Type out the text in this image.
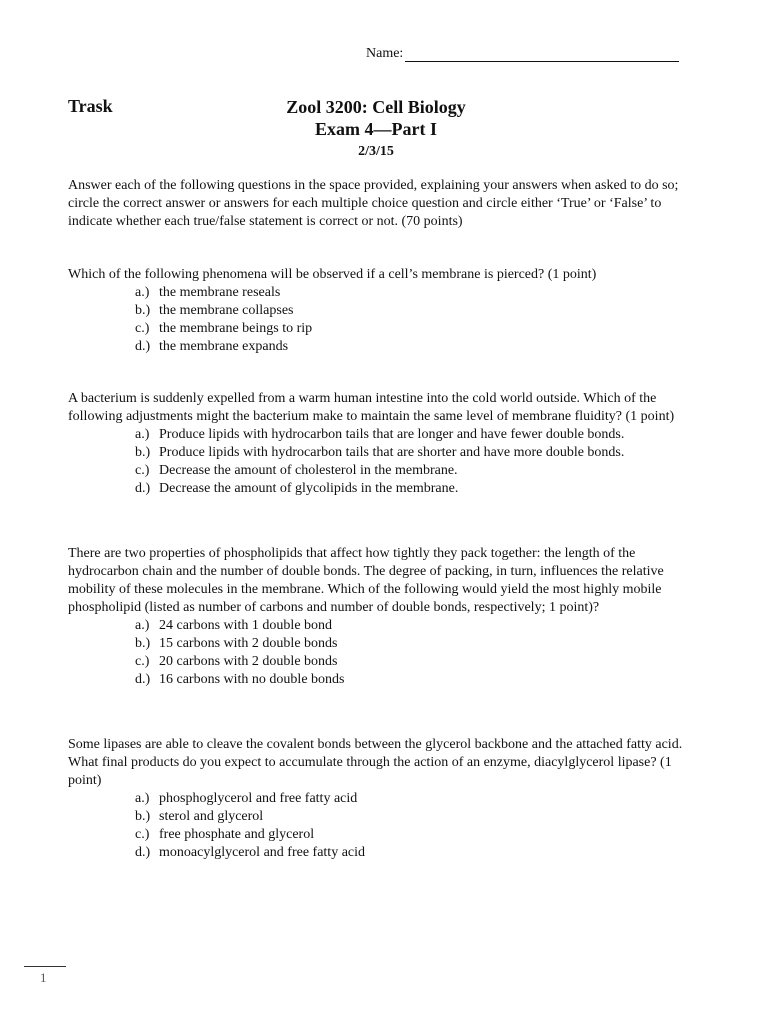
Name:
Trask	Zool 3200: Cell Biology
Exam 4—Part I
2/3/15

Answer each of the following questions in the space provided, explaining your answers when asked to do so; circle the correct answer or answers for each multiple choice question and circle either ‘True’ or ‘False’ to indicate whether each true/false statement is correct or not. (70 points)

Which of the following phenomena will be observed if a cell’s membrane is pierced? (1 point)

a.) the membrane reseals
b.) the membrane collapses
c.) the membrane beings to rip
d.) the membrane expands

A bacterium is suddenly expelled from a warm human intestine into the cold world outside. Which of the following adjustments might the bacterium make to maintain the same level of membrane fluidity? (1 point)

a.) Produce lipids with hydrocarbon tails that are longer and have fewer double bonds.
b.) Produce lipids with hydrocarbon tails that are shorter and have more double bonds.
c.) Decrease the amount of cholesterol in the membrane.
d.) Decrease the amount of glycolipids in the membrane.

There are two properties of phospholipids that affect how tightly they pack together: the length of the hydrocarbon chain and the number of double bonds. The degree of packing, in turn, influences the relative mobility of these molecules in the membrane. Which of the following would yield the most highly mobile phospholipid (listed as number of carbons and number of double bonds, respectively; 1 point)?

a.) 24 carbons with 1 double bond
b.) 15 carbons with 2 double bonds
c.) 20 carbons with 2 double bonds
d.) 16 carbons with no double bonds

Some lipases are able to cleave the covalent bonds between the glycerol backbone and the attached fatty acid. What final products do you expect to accumulate through the action of an enzyme, diacylglycerol lipase? (1 point)

a.) phosphoglycerol and free fatty acid
b.) sterol and glycerol
c.) free phosphate and glycerol
d.) monoacylglycerol and free fatty acid
1
